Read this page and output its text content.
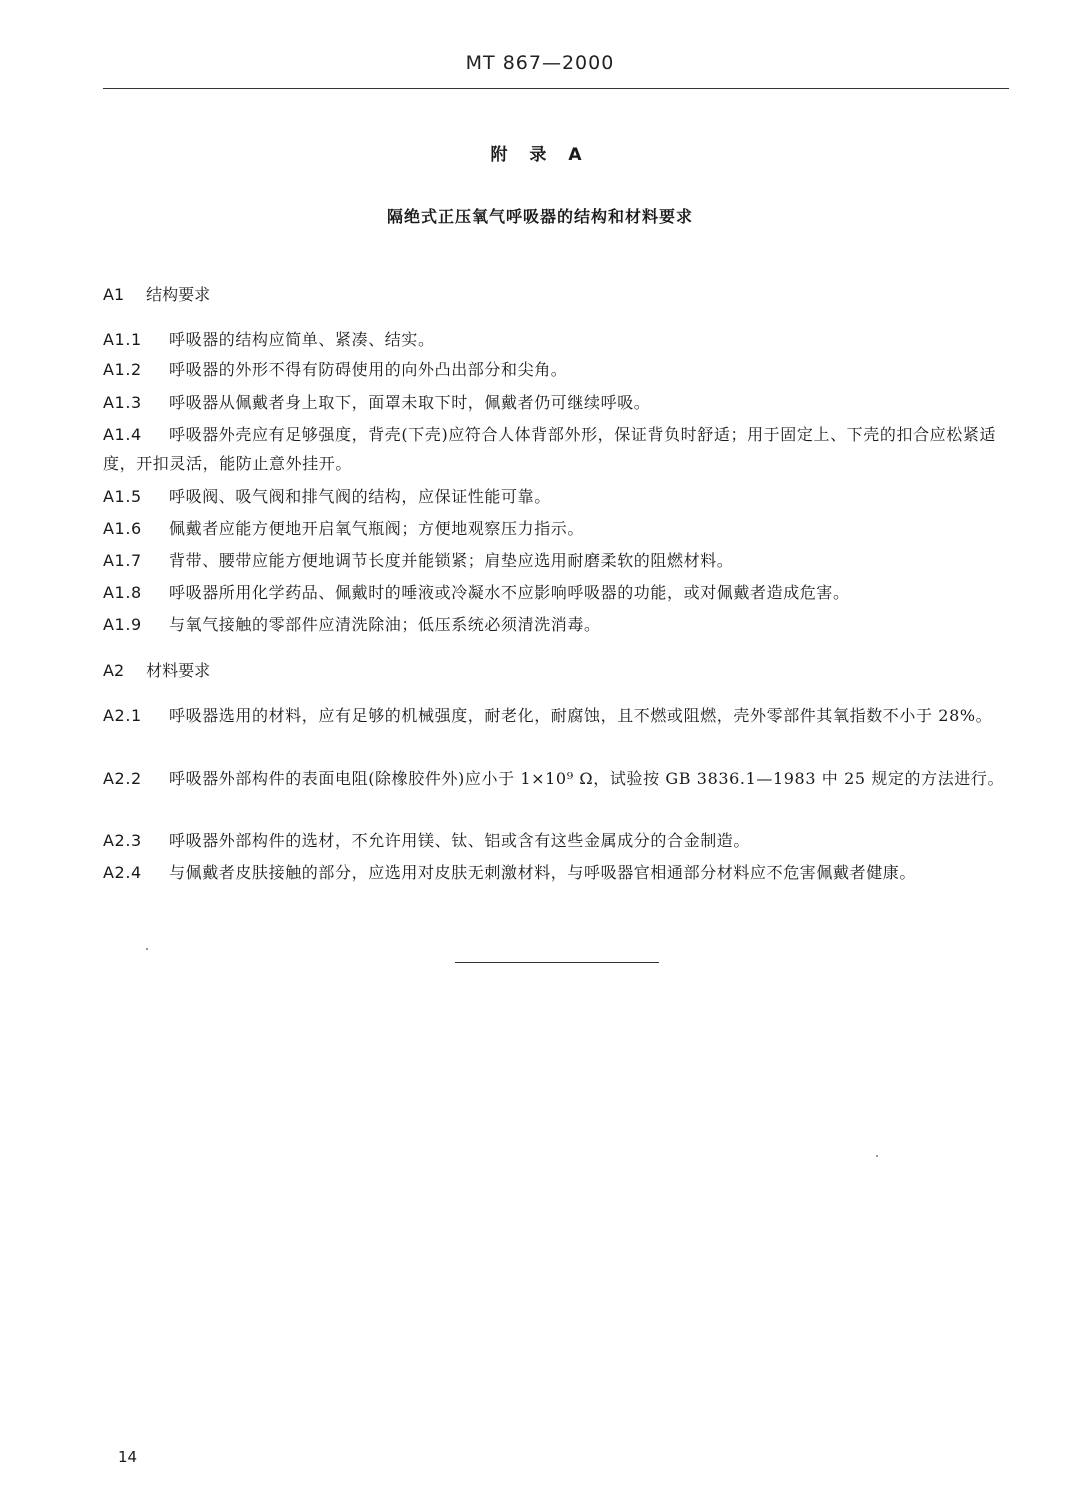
MT 867—2000
附 录 A
隔绝式正压氧气呼吸器的结构和材料要求
A1 结构要求
A1.1 呼吸器的结构应简单、紧凑、结实。
A1.2 呼吸器的外形不得有防碍使用的向外凸出部分和尖角。
A1.3 呼吸器从佩戴者身上取下，面罩未取下时，佩戴者仍可继续呼吸。
A1.4 呼吸器外壳应有足够强度，背壳(下壳)应符合人体背部外形，保证背负时舒适；用于固定上、下壳的扣合应松紧适度，开扣灵活，能防止意外挂开。
A1.5 呼吸阀、吸气阀和排气阀的结构，应保证性能可靠。
A1.6 佩戴者应能方便地开启氧气瓶阀；方便地观察压力指示。
A1.7 背带、腰带应能方便地调节长度并能锁紧；肩垫应选用耐磨柔软的阻燃材料。
A1.8 呼吸器所用化学药品、佩戴时的唾液或冷凝水不应影响呼吸器的功能，或对佩戴者造成危害。
A1.9 与氧气接触的零部件应清洗除油；低压系统必须清洗消毒。
A2 材料要求
A2.1 呼吸器选用的材料，应有足够的机械强度，耐老化，耐腐蚀，且不燃或阻燃，壳外零部件其氧指数不小于 28%。
A2.2 呼吸器外部构件的表面电阻(除橡胶件外)应小于 1×10⁹ Ω，试验按 GB 3836.1—1983 中 25 规定的方法进行。
A2.3 呼吸器外部构件的选材，不允许用镁、钛、铝或含有这些金属成分的合金制造。
A2.4 与佩戴者皮肤接触的部分，应选用对皮肤无刺激材料，与呼吸器官相通部分材料应不危害佩戴者健康。
14
